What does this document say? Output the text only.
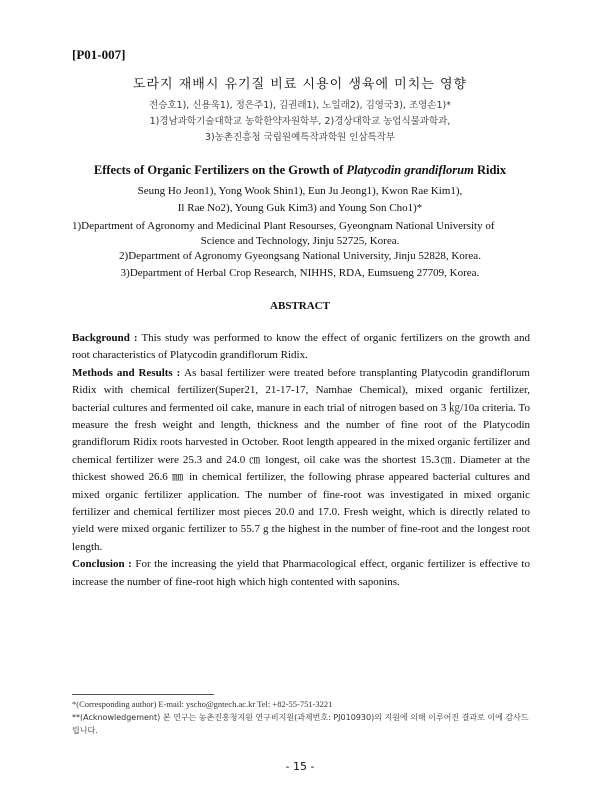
[P01-007]
도라지 재배시 유기질 비료 시용이 생육에 미치는 영향
전승호1), 신용욱1), 정은주1), 김권래1), 노일래2), 김영국3), 조영손1)*
1)경남과학기술대학교 농학한약자원학부, 2)경상대학교 농업식물과학과,
3)농촌진흥청 국립원예특작과학원 인삼특작부
Effects of Organic Fertilizers on the Growth of Platycodin grandiflorum Ridix
Seung Ho Jeon1), Yong Wook Shin1), Eun Ju Jeong1), Kwon Rae Kim1),
Il Rae No2), Young Guk Kim3) and Young Son Cho1)*
1)Department of Agronomy and Medicinal Plant Resourses, Gyeongnam National University of
Science and Technology, Jinju 52725, Korea.
2)Department of Agronomy Gyeongsang National University, Jinju 52828, Korea.
3)Department of Herbal Crop Research, NIHHS, RDA, Eumsueng 27709, Korea.
ABSTRACT

Background : This study was performed to know the effect of organic fertilizers on the growth and root characteristics of Platycodin grandiflorum Ridix.

Methods and Results : As basal fertilizer were treated before transplanting Platycodin grandiflorum Ridix with chemical fertilizer(Super21, 21-17-17, Namhae Chemical), mixed organic fertilizer, bacterial cultures and fermented oil cake, manure in each trial of nitrogen based on 3 ㎏/10a criteria. To measure the fresh weight and length, thickness and the number of fine root of the Platycodin grandiflorum Ridix roots harvested in October. Root length appeared in the mixed organic fertilizer and chemical fertilizer were 25.3 and 24.0 ㎝ longest, oil cake was the shortest 15.3㎝. Diameter at the thickest showed 26.6 ㎜ in chemical fertilizer, the following phrase appeared bacterial cultures and mixed organic fertilizer application. The number of fine-root was investigated in mixed organic fertilizer and chemical fertilizer most pieces 20.0 and 17.0. Fresh weight, which is directly related to yield were mixed organic fertilizer to 55.7 g the highest in the number of fine-root and the longest root length.

Conclusion : For the increasing the yield that Pharmacological effect, organic fertilizer is effective to increase the number of fine-root high which high contented with saponins.

*(Corresponding author) E-mail: yscho@gntech.ac.kr Tel: +82-55-751-3221
**(Acknowledgement) 본 연구는 농촌진흥청지원 연구비지원(과제번호: PJ010930)의 지원에 의해 이루어진 결과로 이에 감사드립니다.
- 15 -
